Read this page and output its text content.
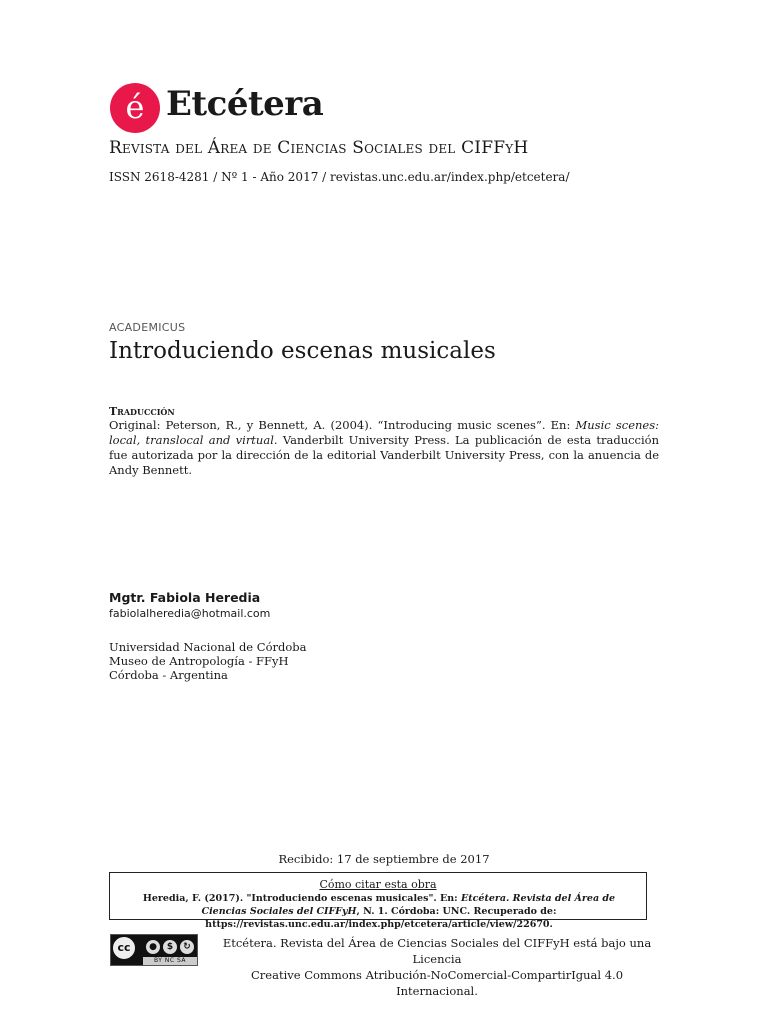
é Etcétera
Revista del Área de Ciencias Sociales del CIFFyH
ISSN 2618-4281 / Nº 1 - Año 2017 / revistas.unc.edu.ar/index.php/etcetera/
ACADEMICUS
Introduciendo escenas musicales
Traducción
Original: Peterson, R., y Bennett, A. (2004). “Introducing music scenes”. En: Music scenes: local, translocal and virtual. Vanderbilt University Press. La publicación de esta traducción fue autorizada por la dirección de la editorial Vanderbilt University Press, con la anuencia de Andy Bennett.
Mgtr. Fabiola Heredia
fabiolalheredia@hotmail.com
Universidad Nacional de Córdoba
Museo de Antropología - FFyH
Córdoba - Argentina
Recibido: 17 de septiembre de 2017
Cómo citar esta obra
Heredia, F. (2017). "Introduciendo escenas musicales". En: Etcétera. Revista del Área de Ciencias Sociales del CIFFyH, N. 1. Córdoba: UNC. Recuperado de: https://revistas.unc.edu.ar/index.php/etcetera/article/view/22670.
cc	●	$	↻
BY NC SA
Etcétera. Revista del Área de Ciencias Sociales del CIFFyH está bajo una Licencia
Creative Commons Atribución-NoComercial-CompartirIgual 4.0 Internacional.
